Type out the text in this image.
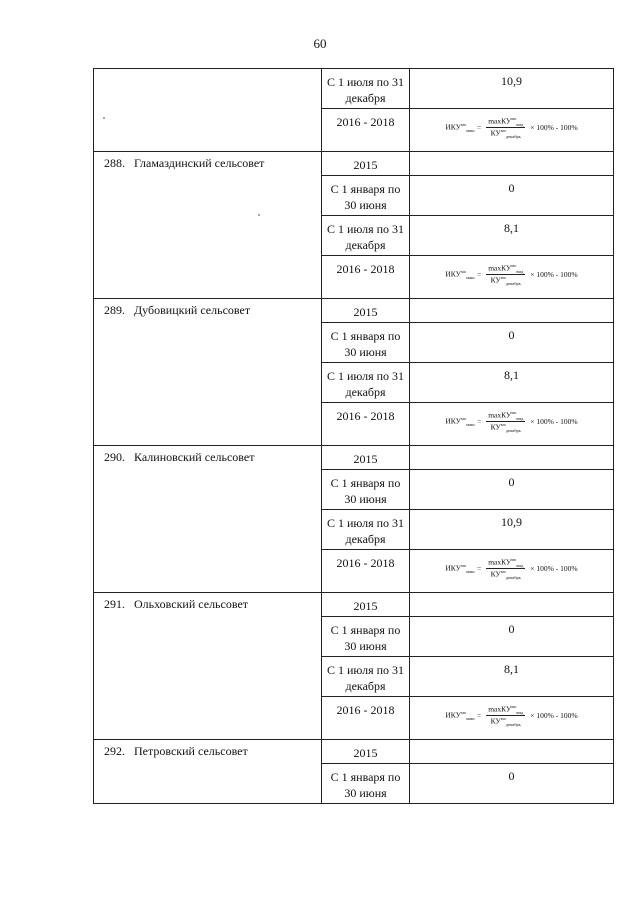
60

	С 1 июля по 31 декабря	10,9

	2016 - 2018	$ИКУ^{мо}_{макс} = \frac{\max КУ^{мо}_{вид}}{КУ^{мо}_{декабрь}} \times 100\% - 100\%$

288. Гламаздинский сельсовет	2015	

	С 1 января по 30 июня	0

	С 1 июля по 31 декабря	8,1

	2016 - 2018	$ИКУ^{мо}_{макс} = \frac{\max КУ^{мо}_{вид}}{КУ^{мо}_{декабрь}} \times 100\% - 100\%$

289. Дубовицкий сельсовет	2015	

	С 1 января по 30 июня	0

	С 1 июля по 31 декабря	8,1

	2016 - 2018	$ИКУ^{мо}_{макс} = \frac{\max КУ^{мо}_{вид}}{КУ^{мо}_{декабрь}} \times 100\% - 100\%$

290. Калиновский сельсовет	2015	

	С 1 января по 30 июня	0

	С 1 июля по 31 декабря	10,9

	2016 - 2018	$ИКУ^{мо}_{макс} = \frac{\max КУ^{мо}_{вид}}{КУ^{мо}_{декабрь}} \times 100\% - 100\%$

291. Ольховский сельсовет	2015	

	С 1 января по 30 июня	0

	С 1 июля по 31 декабря	8,1

	2016 - 2018	$ИКУ^{мо}_{макс} = \frac{\max КУ^{мо}_{вид}}{КУ^{мо}_{декабрь}} \times 100\% - 100\%$

292. Петровский сельсовет	2015	

	С 1 января по 30 июня	0
